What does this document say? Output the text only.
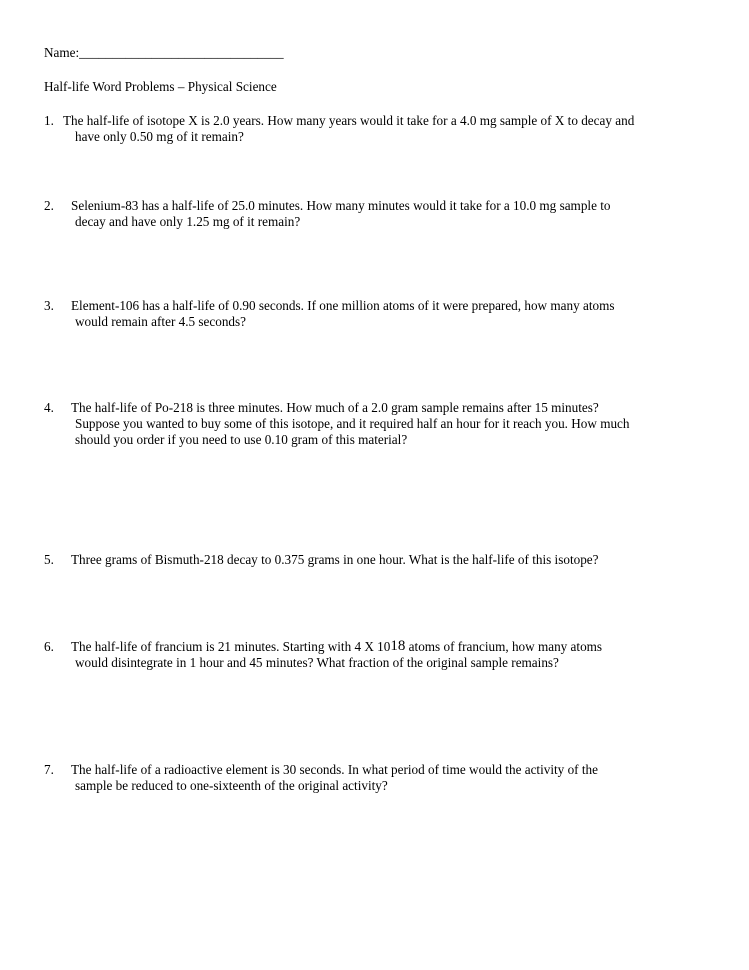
Name:_______________________________
Half-life Word Problems – Physical Science
1. The half-life of isotope X is 2.0 years. How many years would it take for a 4.0 mg sample of X to decay and
have only 0.50 mg of it remain?
2.	Selenium-83 has a half-life of 25.0 minutes. How many minutes would it take for a 10.0 mg sample to
decay and have only 1.25 mg of it remain?
3.	Element-106 has a half-life of 0.90 seconds. If one million atoms of it were prepared, how many atoms
would remain after 4.5 seconds?
4.	The half-life of Po-218 is three minutes. How much of a 2.0 gram sample remains after 15 minutes?
Suppose you wanted to buy some of this isotope, and it required half an hour for it reach you. How much
should you order if you need to use 0.10 gram of this material?
5.	Three grams of Bismuth-218 decay to 0.375 grams in one hour. What is the half-life of this isotope?
6.	The half-life of francium is 21 minutes. Starting with 4 X $10^{18}$ atoms of francium, how many atoms
would disintegrate in 1 hour and 45 minutes? What fraction of the original sample remains?
7.	The half-life of a radioactive element is 30 seconds. In what period of time would the activity of the
sample be reduced to one-sixteenth of the original activity?
